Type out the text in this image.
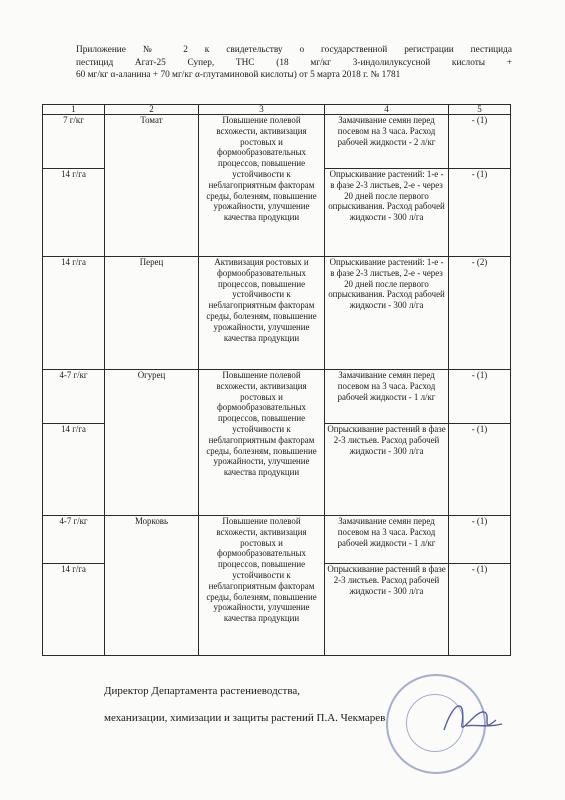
Приложение № 2 к свидетельству о государственной регистрации пестицида
пестицид Агат-25 Супер, ТНС (18 мг/кг 3-индолилуксусной кислоты +
60 мг/кг α-аланина + 70 мг/кг α-глутаминовой кислоты) от 5 марта 2018 г. № 1781
1	2	3	4	5
7 г/кг	Томат	Повышение полевой всхожести, активизация ростовых и формообразовательных процессов, повышение устойчивости к неблагоприятным факторам среды, болезням, повышение урожайности, улучшение качества продукции	Замачивание семян перед посевом на 3 часа. Расход рабочей жидкости - 2 л/кг	- (1)
14 г/га			Опрыскивание растений: 1-е - в фазе 2-3 листьев, 2-е - через 20 дней после первого опрыскивания. Расход рабочей жидкости - 300 л/га	- (1)
14 г/га	Перец	Активизация ростовых и формообразовательных процессов, повышение устойчивости к неблагоприятным факторам среды, болезням, повышение урожайности, улучшение качества продукции	Опрыскивание растений: 1-е - в фазе 2-3 листьев, 2-е - через 20 дней после первого опрыскивания. Расход рабочей жидкости - 300 л/га	- (2)
4-7 г/кг	Огурец	Повышение полевой всхожести, активизация ростовых и формообразовательных процессов, повышение устойчивости к неблагоприятным факторам среды, болезням, повышение урожайности, улучшение качества продукции	Замачивание семян перед посевом на 3 часа. Расход рабочей жидкости - 1 л/кг	- (1)
14 г/га			Опрыскивание растений в фазе 2-3 листьев. Расход рабочей жидкости - 300 л/га	- (1)
4-7 г/кг	Морковь	Повышение полевой всхожести, активизация ростовых и формообразовательных процессов, повышение устойчивости к неблагоприятным факторам среды, болезням, повышение урожайности, улучшение качества продукции	Замачивание семян перед посевом на 3 часа. Расход рабочей жидкости - 1 л/кг	- (1)
14 г/га			Опрыскивание растений в фазе 2-3 листьев. Расход рабочей жидкости - 300 л/га	- (1)
Директор Департамента растениеводства,
механизации, химизации и защиты растений П.А. Чекмарев
